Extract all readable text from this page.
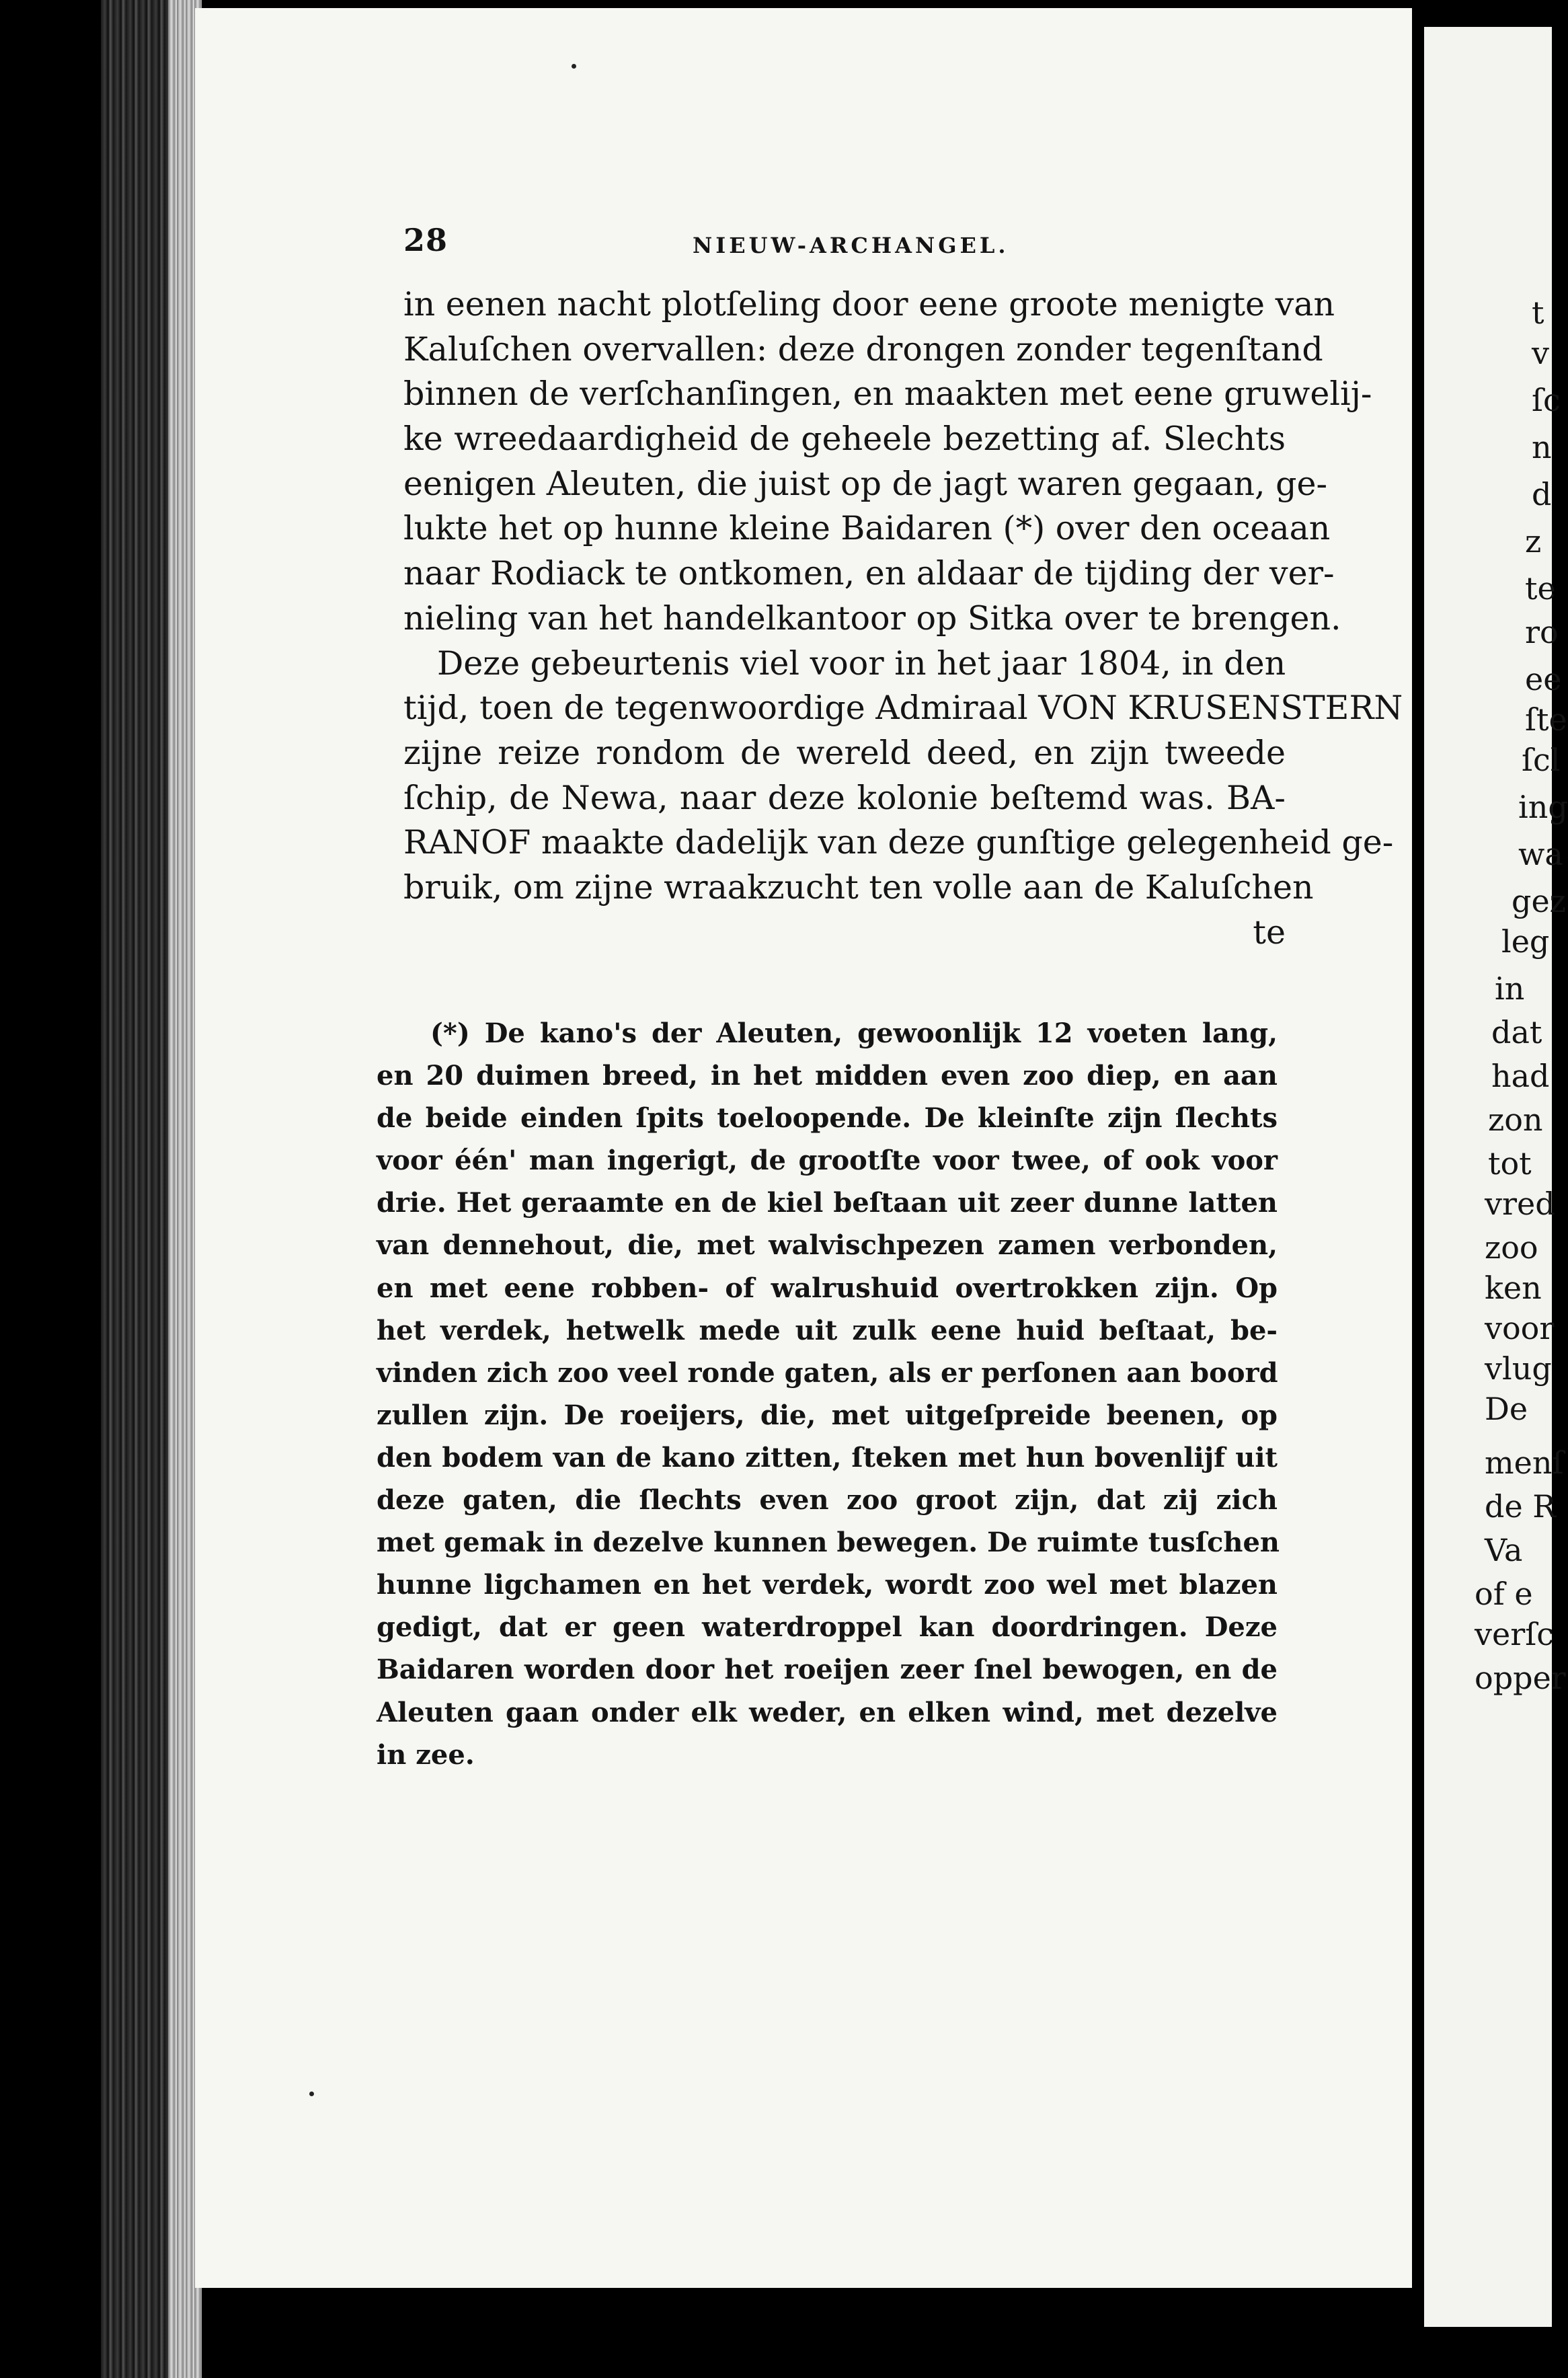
28	NIEUW-ARCHANGEL.
in eenen nacht plotſeling door eene groote menigte van
Kaluſchen overvallen: deze drongen zonder tegenſtand
binnen de verſchanſingen, en maakten met eene gruwelij-
ke wreedaardigheid de geheele bezetting af. Slechts
eenigen Aleuten, die juist op de jagt waren gegaan, ge-
lukte het op hunne kleine Baidaren (*) over den oceaan
naar Rodiack te ontkomen, en aldaar de tijding der ver-
nieling van het handelkantoor op Sitka over te brengen.
Deze gebeurtenis viel voor in het jaar 1804, in den
tijd, toen de tegenwoordige Admiraal VON KRUSENSTERN
zijne reize rondom de wereld deed, en zijn tweede
ſchip, de Newa, naar deze kolonie beſtemd was. BA-
RANOF maakte dadelijk van deze gunſtige gelegenheid ge-
bruik, om zijne wraakzucht ten volle aan de Kaluſchen
te
(*) De kano's der Aleuten, gewoonlijk 12 voeten lang,
en 20 duimen breed, in het midden even zoo diep, en aan
de beide einden ſpits toeloopende. De kleinſte zijn ſlechts
voor één' man ingerigt, de grootſte voor twee, of ook voor
drie. Het geraamte en de kiel beſtaan uit zeer dunne latten
van dennehout, die, met walvischpezen zamen verbonden,
en met eene robben- of walrushuid overtrokken zijn. Op
het verdek, hetwelk mede uit zulk eene huid beſtaat, be-
vinden zich zoo veel ronde gaten, als er perſonen aan boord
zullen zijn. De roeijers, die, met uitgeſpreide beenen, op
den bodem van de kano zitten, ſteken met hun bovenlijf uit
deze gaten, die ſlechts even zoo groot zijn, dat zij zich
met gemak in dezelve kunnen bewegen. De ruimte tusſchen
hunne ligchamen en het verdek, wordt zoo wel met blazen
gedigt, dat er geen waterdroppel kan doordringen. Deze
Baidaren worden door het roeijen zeer ſnel bewogen, en de
Aleuten gaan onder elk weder, en elken wind, met dezelve
in zee.
t
v
ſc
n
d
z
te
ro
ee
ſte
ſcl
ing
wa
gez
leg
in
dat
had
zon
tot
vred
zoo
ken
voor
vlug
De
menſ
de R
Va
of e
verſc
opper
